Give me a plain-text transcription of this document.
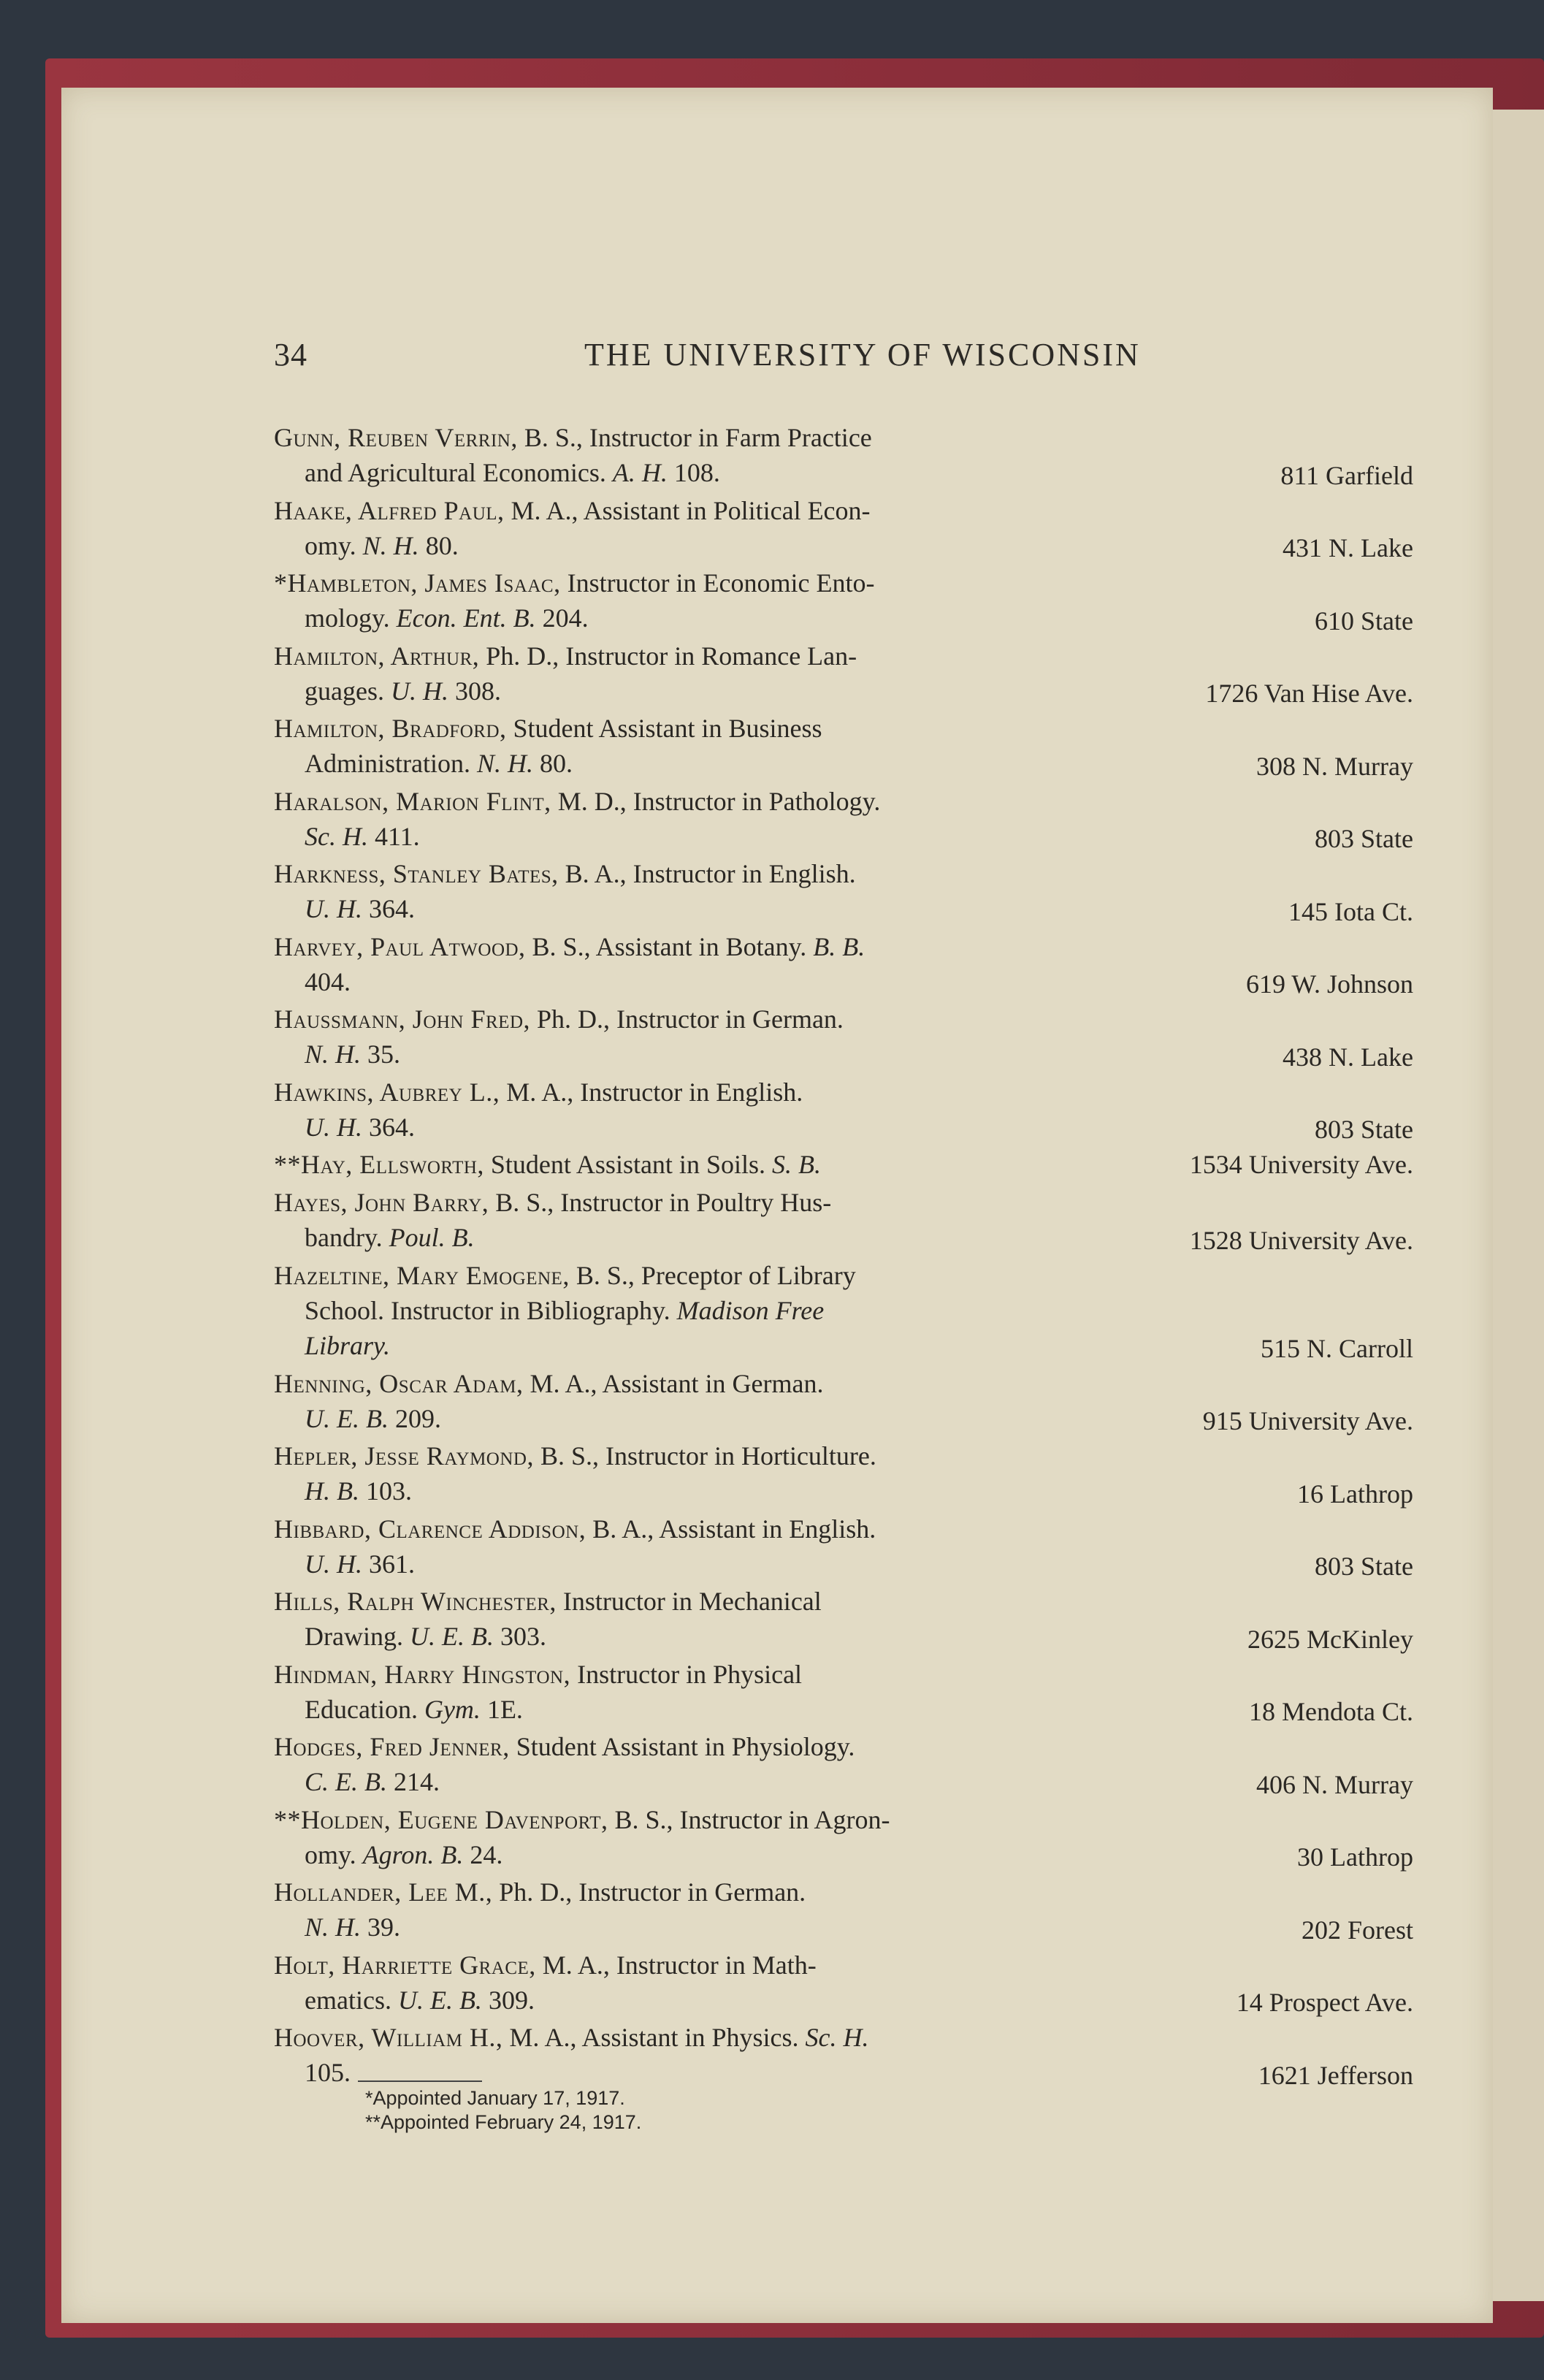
34	THE UNIVERSITY OF WISCONSIN
Gunn, Reuben Verrin, B. S., Instructor in Farm Practice
and Agricultural Economics. A. H. 108.	811 Garfield
Haake, Alfred Paul, M. A., Assistant in Political Econ-
omy. N. H. 80.	431 N. Lake
*Hambleton, James Isaac, Instructor in Economic Ento-
mology. Econ. Ent. B. 204.	610 State
Hamilton, Arthur, Ph. D., Instructor in Romance Lan-
guages. U. H. 308.	1726 Van Hise Ave.
Hamilton, Bradford, Student Assistant in Business
Administration. N. H. 80.	308 N. Murray
Haralson, Marion Flint, M. D., Instructor in Pathology.
Sc. H. 411.	803 State
Harkness, Stanley Bates, B. A., Instructor in English.
U. H. 364.	145 Iota Ct.
Harvey, Paul Atwood, B. S., Assistant in Botany. B. B.
404.	619 W. Johnson
Haussmann, John Fred, Ph. D., Instructor in German.
N. H. 35.	438 N. Lake
Hawkins, Aubrey L., M. A., Instructor in English.
U. H. 364.	803 State
**Hay, Ellsworth, Student Assistant in Soils. S. B.	1534 University Ave.
Hayes, John Barry, B. S., Instructor in Poultry Hus-
bandry. Poul. B.	1528 University Ave.
Hazeltine, Mary Emogene, B. S., Preceptor of Library
School. Instructor in Bibliography. Madison Free
Library.	515 N. Carroll
Henning, Oscar Adam, M. A., Assistant in German.
U. E. B. 209.	915 University Ave.
Hepler, Jesse Raymond, B. S., Instructor in Horticulture.
H. B. 103.	16 Lathrop
Hibbard, Clarence Addison, B. A., Assistant in English.
U. H. 361.	803 State
Hills, Ralph Winchester, Instructor in Mechanical
Drawing. U. E. B. 303.	2625 McKinley
Hindman, Harry Hingston, Instructor in Physical
Education. Gym. 1E.	18 Mendota Ct.
Hodges, Fred Jenner, Student Assistant in Physiology.
C. E. B. 214.	406 N. Murray
**Holden, Eugene Davenport, B. S., Instructor in Agron-
omy. Agron. B. 24.	30 Lathrop
Hollander, Lee M., Ph. D., Instructor in German.
N. H. 39.	202 Forest
Holt, Harriette Grace, M. A., Instructor in Math-
ematics. U. E. B. 309.	14 Prospect Ave.
Hoover, William H., M. A., Assistant in Physics. Sc. H.
105.	1621 Jefferson
*Appointed January 17, 1917.
**Appointed February 24, 1917.
